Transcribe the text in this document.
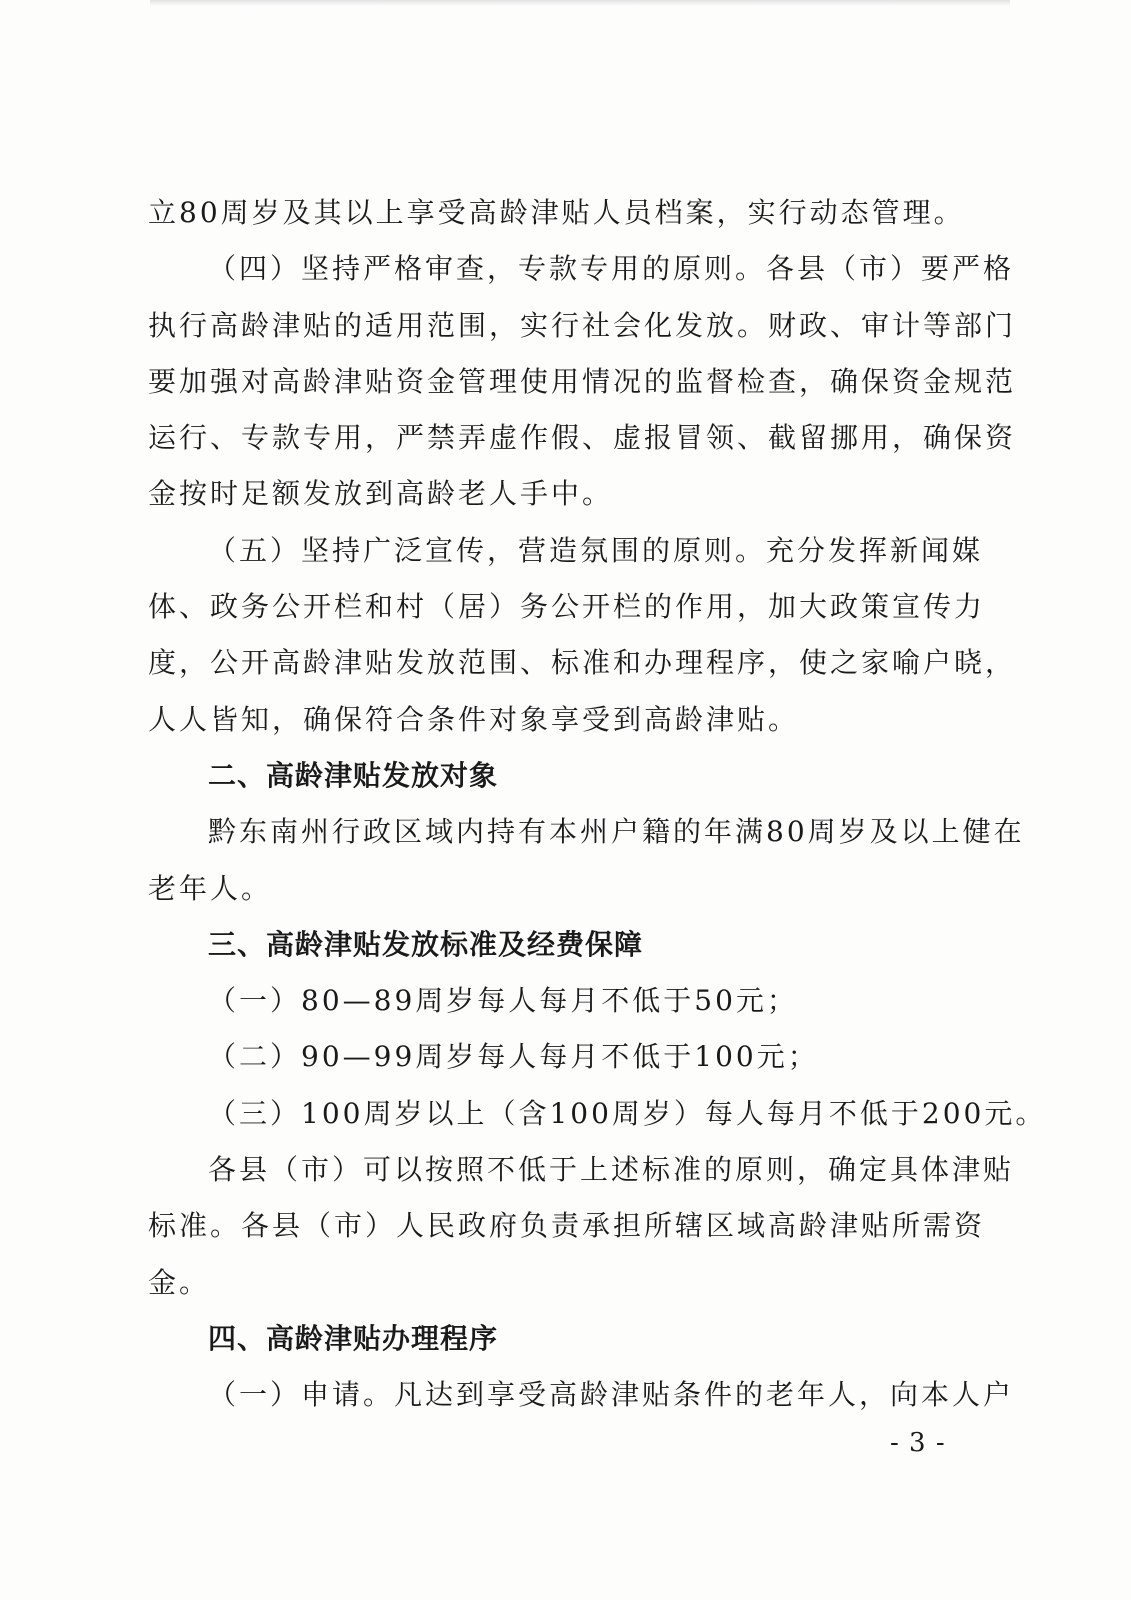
立80周岁及其以上享受高龄津贴人员档案，实行动态管理。
（四）坚持严格审查，专款专用的原则。各县（市）要严格
执行高龄津贴的适用范围，实行社会化发放。财政、审计等部门
要加强对高龄津贴资金管理使用情况的监督检查，确保资金规范
运行、专款专用，严禁弄虚作假、虚报冒领、截留挪用，确保资
金按时足额发放到高龄老人手中。
（五）坚持广泛宣传，营造氛围的原则。充分发挥新闻媒
体、政务公开栏和村（居）务公开栏的作用，加大政策宣传力
度，公开高龄津贴发放范围、标准和办理程序，使之家喻户晓，
人人皆知，确保符合条件对象享受到高龄津贴。
二、高龄津贴发放对象
黔东南州行政区域内持有本州户籍的年满80周岁及以上健在
老年人。
三、高龄津贴发放标准及经费保障
（一）80—89周岁每人每月不低于50元；
（二）90—99周岁每人每月不低于100元；
（三）100周岁以上（含100周岁）每人每月不低于200元。
各县（市）可以按照不低于上述标准的原则，确定具体津贴
标准。各县（市）人民政府负责承担所辖区域高龄津贴所需资
金。
四、高龄津贴办理程序
（一）申请。凡达到享受高龄津贴条件的老年人，向本人户
- 3 -
